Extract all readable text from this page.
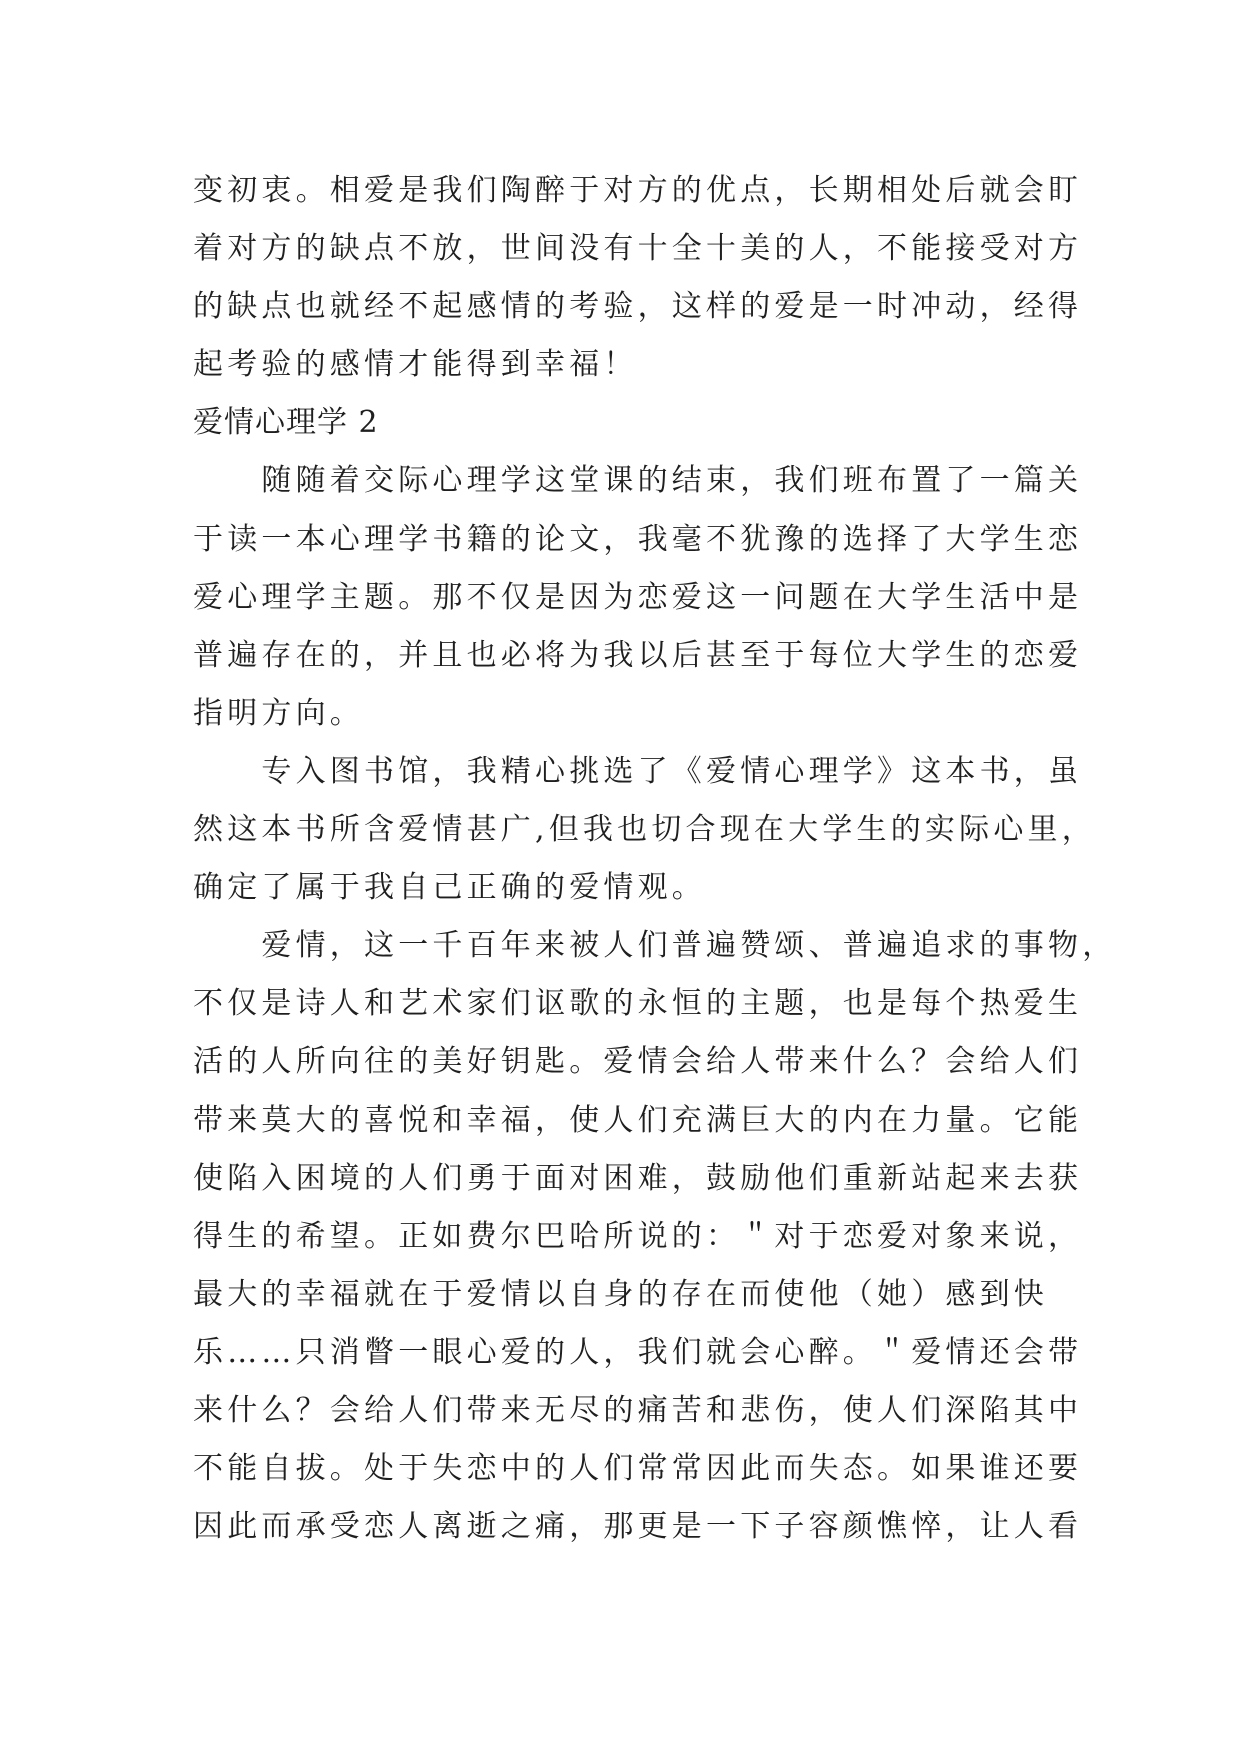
变初衷。相爱是我们陶醉于对方的优点，长期相处后就会盯
着对方的缺点不放，世间没有十全十美的人，不能接受对方
的缺点也就经不起感情的考验，这样的爱是一时冲动，经得
起考验的感情才能得到幸福！
爱情心理学 2
　　随随着交际心理学这堂课的结束，我们班布置了一篇关
于读一本心理学书籍的论文，我毫不犹豫的选择了大学生恋
爱心理学主题。那不仅是因为恋爱这一问题在大学生活中是
普遍存在的，并且也必将为我以后甚至于每位大学生的恋爱
指明方向。
　　专入图书馆，我精心挑选了《爱情心理学》这本书，虽
然这本书所含爱情甚广,但我也切合现在大学生的实际心里，
确定了属于我自己正确的爱情观。
　　爱情，这一千百年来被人们普遍赞颂、普遍追求的事物，
不仅是诗人和艺术家们讴歌的永恒的主题，也是每个热爱生
活的人所向往的美好钥匙。爱情会给人带来什么？会给人们
带来莫大的喜悦和幸福，使人们充满巨大的内在力量。它能
使陷入困境的人们勇于面对困难，鼓励他们重新站起来去获
得生的希望。正如费尔巴哈所说的：＂对于恋爱对象来说，
最大的幸福就在于爱情以自身的存在而使他（她）感到快
乐……只消瞥一眼心爱的人，我们就会心醉。＂爱情还会带
来什么？会给人们带来无尽的痛苦和悲伤，使人们深陷其中
不能自拔。处于失恋中的人们常常因此而失态。如果谁还要
因此而承受恋人离逝之痛，那更是一下子容颜憔悴，让人看
